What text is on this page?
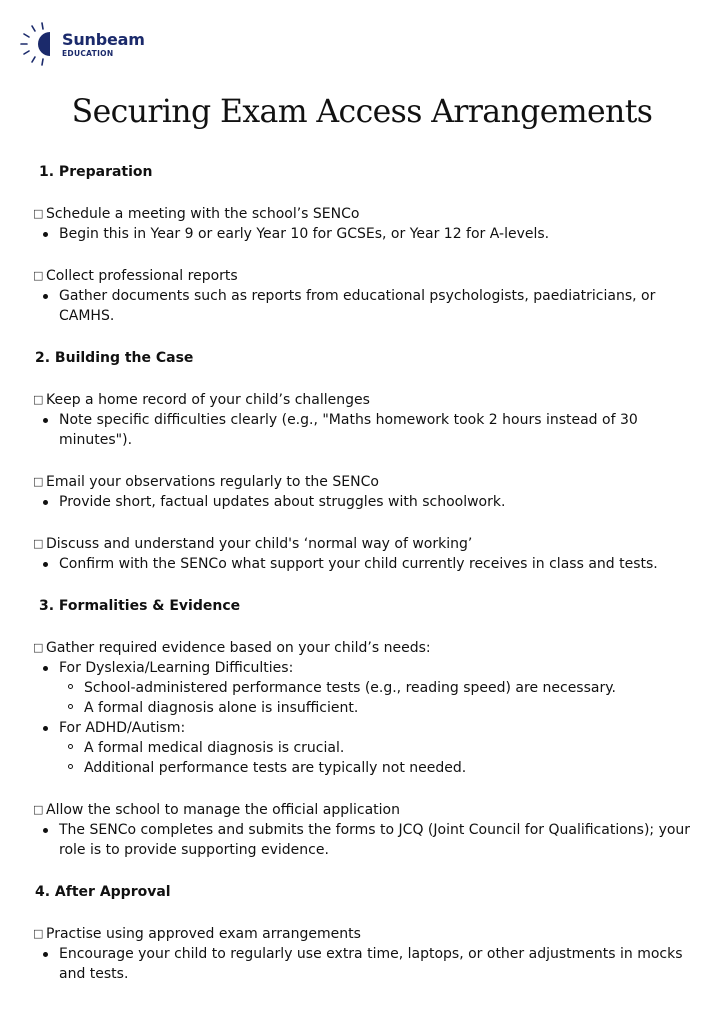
Sunbeam
EDUCATION
Securing Exam Access Arrangements
1. Preparation
□ Schedule a meeting with the school’s SENCo
Begin this in Year 9 or early Year 10 for GCSEs, or Year 12 for A-levels.
□ Collect professional reports
Gather documents such as reports from educational psychologists, paediatricians, or CAMHS.
2. Building the Case
□ Keep a home record of your child’s challenges
Note specific difficulties clearly (e.g., "Maths homework took 2 hours instead of 30 minutes").
□ Email your observations regularly to the SENCo
Provide short, factual updates about struggles with schoolwork.
□ Discuss and understand your child's ‘normal way of working’
Confirm with the SENCo what support your child currently receives in class and tests.
3. Formalities & Evidence
□ Gather required evidence based on your child’s needs:
For Dyslexia/Learning Difficulties:
School-administered performance tests (e.g., reading speed) are necessary.
A formal diagnosis alone is insufficient.
For ADHD/Autism:
A formal medical diagnosis is crucial.
Additional performance tests are typically not needed.
□ Allow the school to manage the official application
The SENCo completes and submits the forms to JCQ (Joint Council for Qualifications); your role is to provide supporting evidence.
4. After Approval
□ Practise using approved exam arrangements
Encourage your child to regularly use extra time, laptops, or other adjustments in mocks and tests.
